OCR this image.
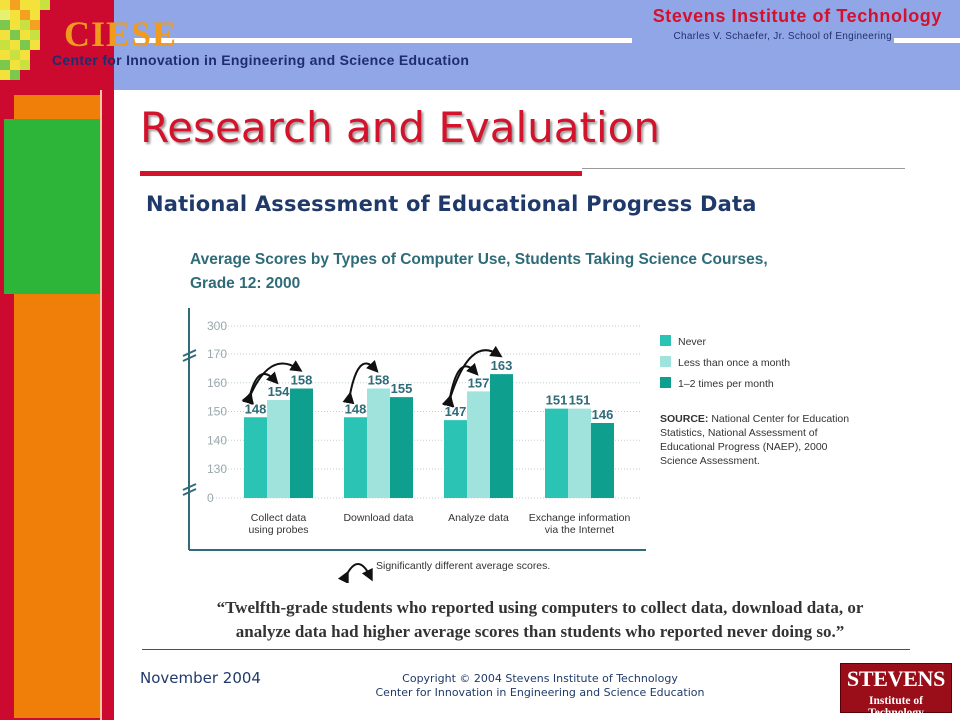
CIESE
Center for Innovation in Engineering and Science Education
Stevens Institute of Technology
Charles V. Schaefer, Jr. School of Engineering
Research and Evaluation
National Assessment of Educational Progress Data
Average Scores by Types of Computer Use, Students Taking Science Courses,
Grade 12: 2000
0
130
140
150
160
170
300
148	148	147
151
154
158	157
151
158
155
163
146
Collect data
using probes
Download data	Analyze data Exchange information
via the Internet
Significantly different average scores.
Never
Less than once a month
1–2 times per month
SOURCE: National Center for Education
Statistics, National Assessment of
Educational Progress (NAEP), 2000
Science Assessment.
“Twelfth-grade students who reported using computers to collect data, download data, or
analyze data had higher average scores than students who reported never doing so.”
November 2004	Copyright © 2004 Stevens Institute of Technology
Center for Innovation in Engineering and Science Education
STEVENS
Institute of Technology
